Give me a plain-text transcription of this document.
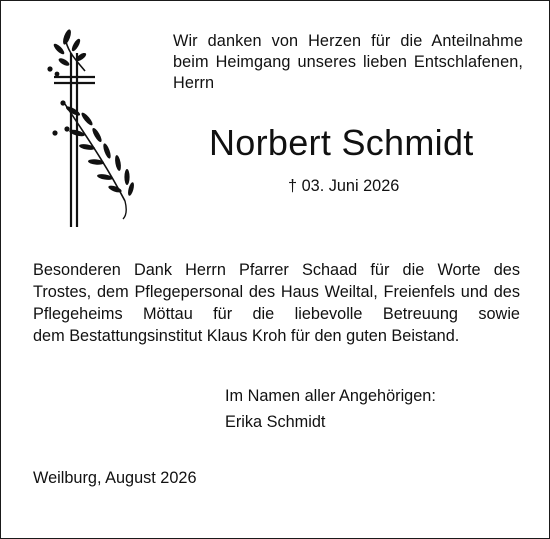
Wir danken von Herzen für die Anteilnahme

beim Heimgang unseres lieben Entschlafenen,

Herrn

Norbert Schmidt
† 03. Juni 2026

Besonderen Dank Herrn Pfarrer Schaad für die Worte des

Trostes, dem Pflegepersonal des Haus Weiltal, Freienfels und des

Pflegeheims Möttau für die liebevolle Betreuung sowie

dem Bestattungsinstitut Klaus Kroh für den guten Beistand.

Im Namen aller Angehörigen:
Erika Schmidt
Weilburg, August 2026
